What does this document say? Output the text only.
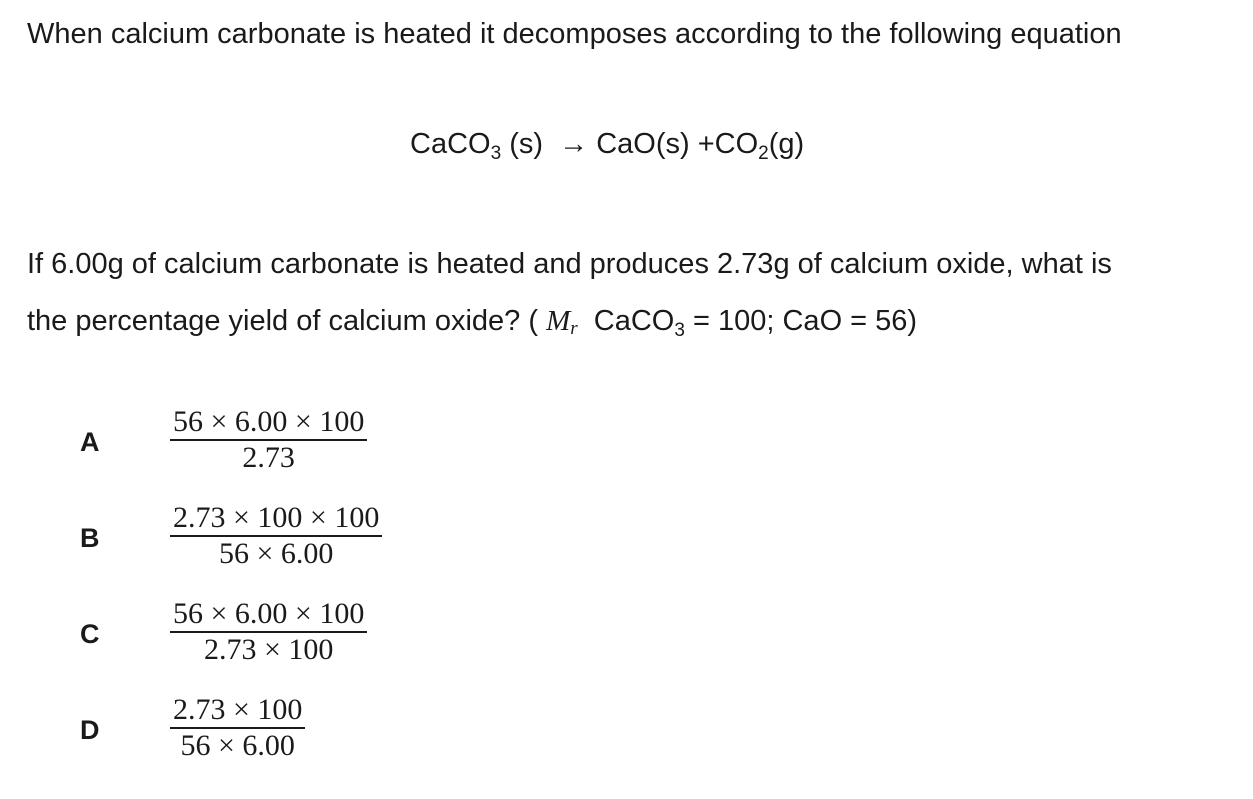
When calcium carbonate is heated it decomposes according to the following equation
CaCO$_3$ $(s) \to CaO(s) +CO_2(g)$
If 6.00g of calcium carbonate is heated and produces 2.73g of calcium oxide, what is
the percentage yield of calcium oxide? ( $M_r$ CaCO$_3$ = 100; CaO = 56)
A $\frac{56 \times 6.00 \times 100}{2.73}$
B $\frac{2.73 \times 100 \times 100}{56 \times 6.00}$
C $\frac{56 \times 6.00 \times 100}{2.73 \times 100}$
D $\frac{2.73 \times 100}{56 \times 6.00}$
